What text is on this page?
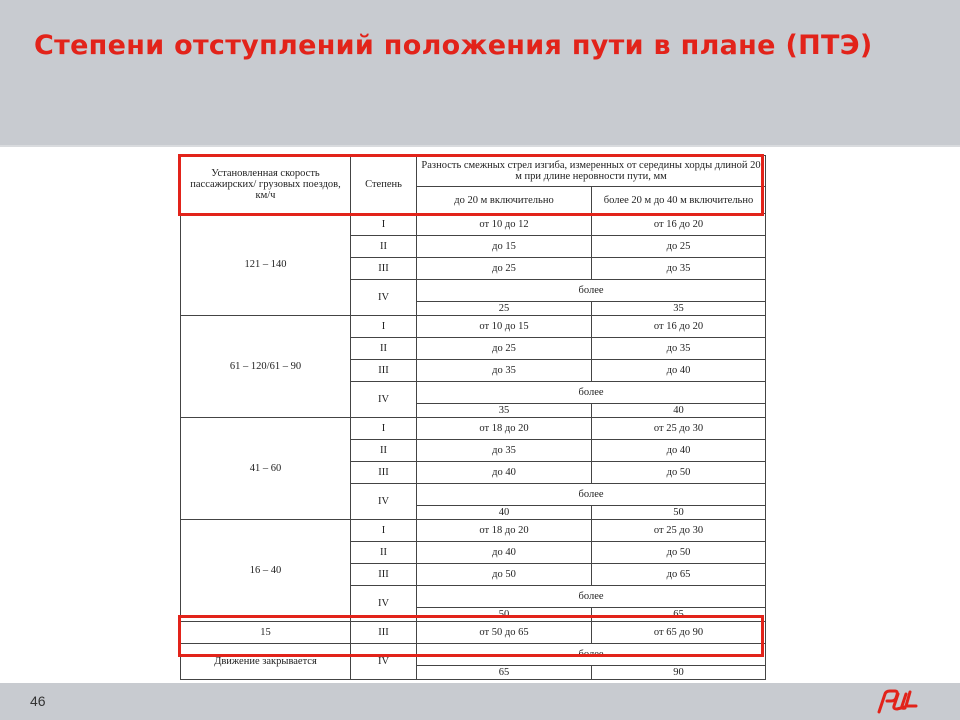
Степени отступлений положения пути в плане (ПТЭ)
Установленная скорость пассажирских/ грузовых поездов, км/ч	Степень	Разность смежных стрел изгиба, измеренных от середины хорды длиной 20 м при длине неровности пути, мм	
		до 20 м включительно	более 20 м до 40 м включительно
121 – 140	I	от 10 до 12	от 16 до 20
	II	до 15	до 25
	III	до 25	до 35
	IV	более	
		25	35
61 – 120/61 – 90	I	от 10 до 15	от 16 до 20
	II	до 25	до 35
	III	до 35	до 40
	IV	более	
		35	40
41 – 60	I	от 18 до 20	от 25 до 30
	II	до 35	до 40
	III	до 40	до 50
	IV	более	
		40	50
16 – 40	I	от 18 до 20	от 25 до 30
	II	до 40	до 50
	III	до 50	до 65
	IV	более	
		50	65
15	III	от 50 до 65	от 65 до 90
Движение закрывается	IV	более	
		65	90
46
